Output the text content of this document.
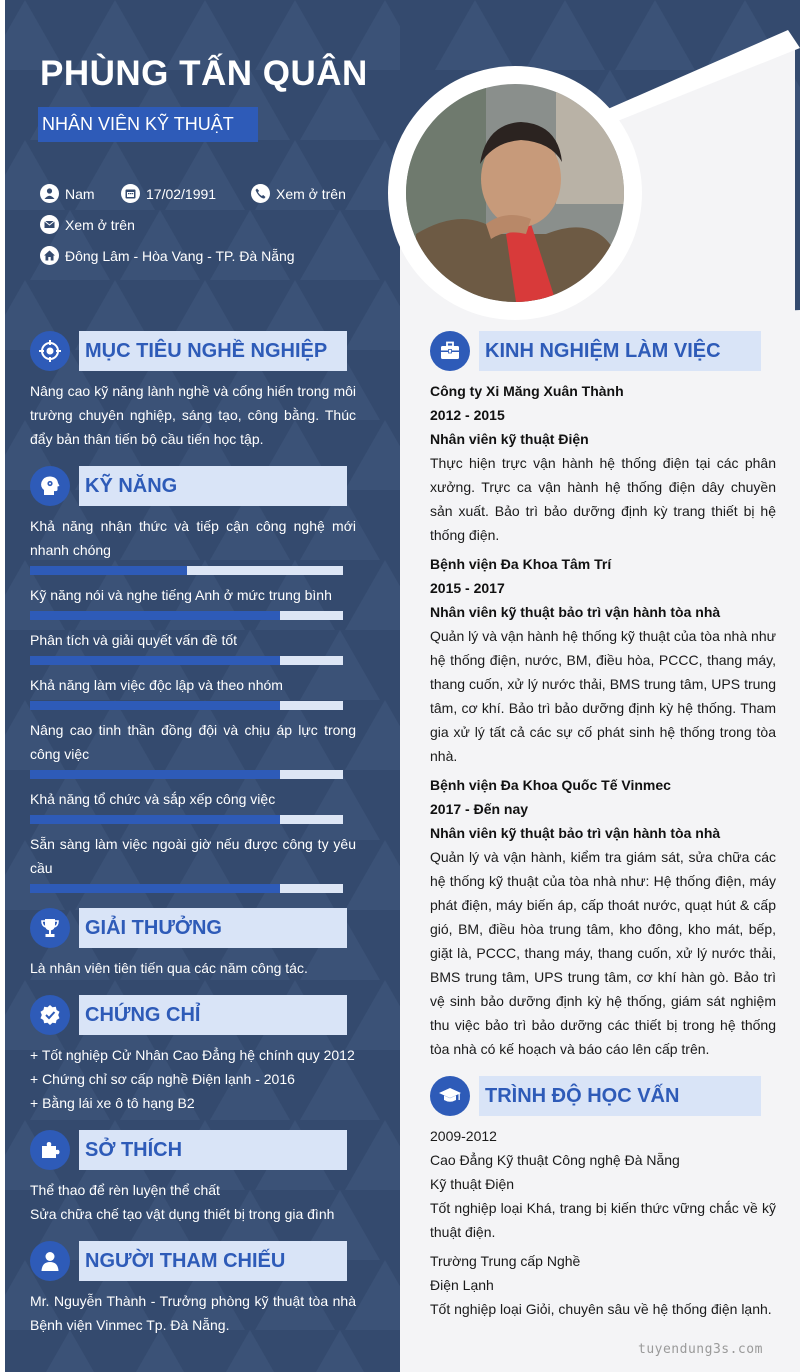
PHÙNG TẤN QUÂN
NHÂN VIÊN KỸ THUẬT
Nam	17/02/1991	Xem ở trên
Xem ở trên
Đông Lâm - Hòa Vang - TP. Đà Nẵng
MỤC TIÊU NGHỀ NGHIỆP
Nâng cao kỹ năng lành nghề và cống hiến trong môi trường chuyên nghiệp, sáng tạo, công bằng. Thúc đẩy bản thân tiến bộ cầu tiến học tập.
KỸ NĂNG
Khả năng nhận thức và tiếp cận công nghệ mới nhanh chóng
Kỹ năng nói và nghe tiếng Anh ở mức trung bình
Phân tích và giải quyết vấn đề tốt
Khả năng làm việc độc lập và theo nhóm
Nâng cao tinh thần đồng đội và chịu áp lực trong công việc
Khả năng tổ chức và sắp xếp công việc
Sẵn sàng làm việc ngoài giờ nếu được công ty yêu cầu
GIẢI THƯỞNG
Là nhân viên tiên tiến qua các năm công tác.
CHỨNG CHỈ
+ Tốt nghiệp Cử Nhân Cao Đẳng hệ chính quy 2012
+ Chứng chỉ sơ cấp nghề Điện lạnh - 2016
+ Bằng lái xe ô tô hạng B2
SỞ THÍCH
Thể thao để rèn luyện thể chất
Sửa chữa chế tạo vật dụng thiết bị trong gia đình
NGƯỜI THAM CHIẾU
Mr. Nguyễn Thành - Trưởng phòng kỹ thuật tòa nhà Bệnh viện Vinmec Tp. Đà Nẵng.
KINH NGHIỆM LÀM VIỆC
Công ty Xi Măng Xuân Thành
2012 - 2015
Nhân viên kỹ thuật Điện
Thực hiện trực vận hành hệ thống điện tại các phân xưởng. Trực ca vận hành hệ thống điện dây chuyền sản xuất. Bảo trì bảo dưỡng định kỳ trang thiết bị hệ thống điện.
Bệnh viện Đa Khoa Tâm Trí
2015 - 2017
Nhân viên kỹ thuật bảo trì vận hành tòa nhà
Quản lý và vận hành hệ thống kỹ thuật của tòa nhà như hệ thống điện, nước, BM, điều hòa, PCCC, thang máy, thang cuốn, xử lý nước thải, BMS trung tâm, UPS trung tâm, cơ khí. Bảo trì bảo dưỡng định kỳ hệ thống. Tham gia xử lý tất cả các sự cố phát sinh hệ thống trong tòa nhà.
Bệnh viện Đa Khoa Quốc Tế Vinmec
2017 - Đến nay
Nhân viên kỹ thuật bảo trì vận hành tòa nhà
Quản lý và vận hành, kiểm tra giám sát, sửa chữa các hệ thống kỹ thuật của tòa nhà như: Hệ thống điện, máy phát điện, máy biến áp, cấp thoát nước, quạt hút & cấp gió, BM, điều hòa trung tâm, kho đông, kho mát, bếp, giặt là, PCCC, thang máy, thang cuốn, xử lý nước thải, BMS trung tâm, UPS trung tâm, cơ khí hàn gò. Bảo trì vệ sinh bảo dưỡng định kỳ hệ thống, giám sát nghiệm thu việc bảo trì bảo dưỡng các thiết bị trong hệ thống tòa nhà có kế hoạch và báo cáo lên cấp trên.
TRÌNH ĐỘ HỌC VẤN
2009-2012
Cao Đẳng Kỹ thuật Công nghệ Đà Nẵng
Kỹ thuật Điện
Tốt nghiệp loại Khá, trang bị kiến thức vững chắc về kỹ thuật điện.
Trường Trung cấp Nghề
Điện Lạnh
Tốt nghiệp loại Giỏi, chuyên sâu về hệ thống điện lạnh.
tuyendung3s.com
